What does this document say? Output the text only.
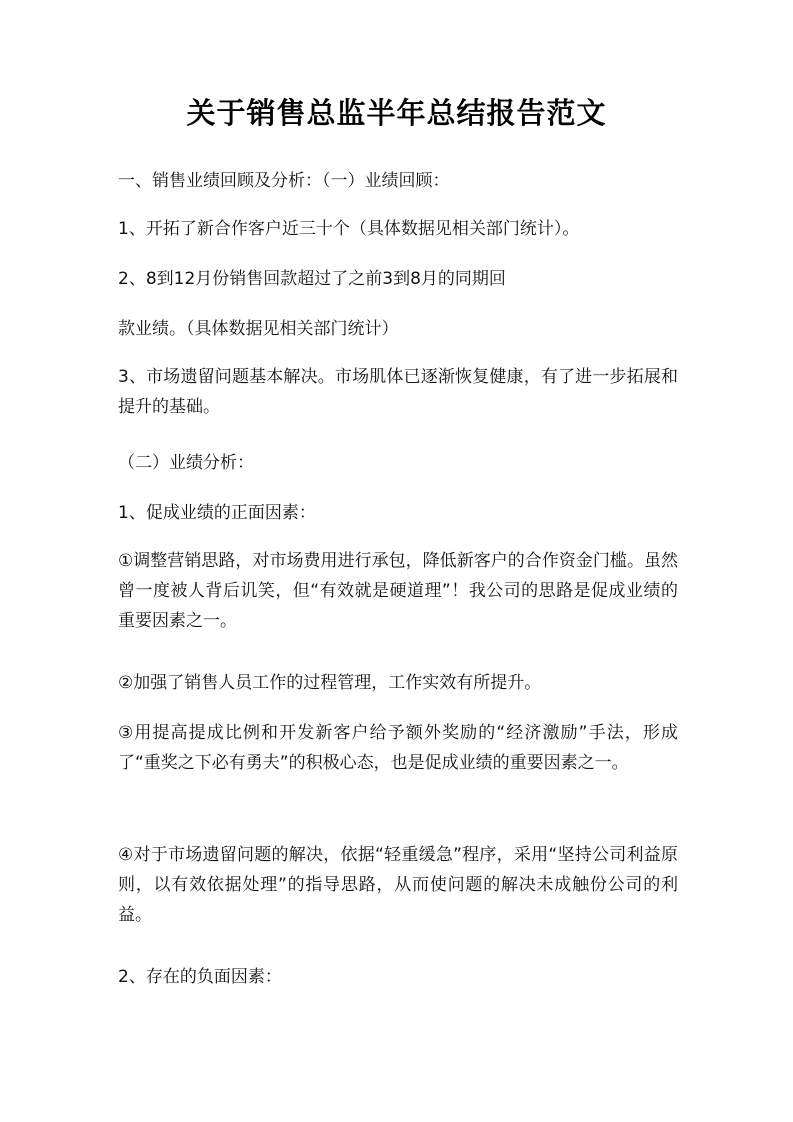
关于销售总监半年总结报告范文

一、销售业绩回顾及分析：（一）业绩回顾：

1、开拓了新合作客户近三十个（具体数据见相关部门统计）。

2、8到12月份销售回款超过了之前3到8月的同期回

款业绩。（具体数据见相关部门统计）

3、市场遗留问题基本解决。市场肌体已逐渐恢复健康，有了进一步拓展和提升的基础。

（二）业绩分析：

1、促成业绩的正面因素：

①调整营销思路，对市场费用进行承包，降低新客户的合作资金门槛。虽然曾一度被人背后讥笑，但“有效就是硬道理”！我公司的思路是促成业绩的重要因素之一。

②加强了销售人员工作的过程管理，工作实效有所提升。

③用提高提成比例和开发新客户给予额外奖励的“经济激励”手法，形成了“重奖之下必有勇夫”的积极心态，也是促成业绩的重要因素之一。

④对于市场遗留问题的解决，依据“轻重缓急”程序，采用“坚持公司利益原则，以有效依据处理”的指导思路，从而使问题的解决未成触份公司的利益。

2、存在的负面因素：
